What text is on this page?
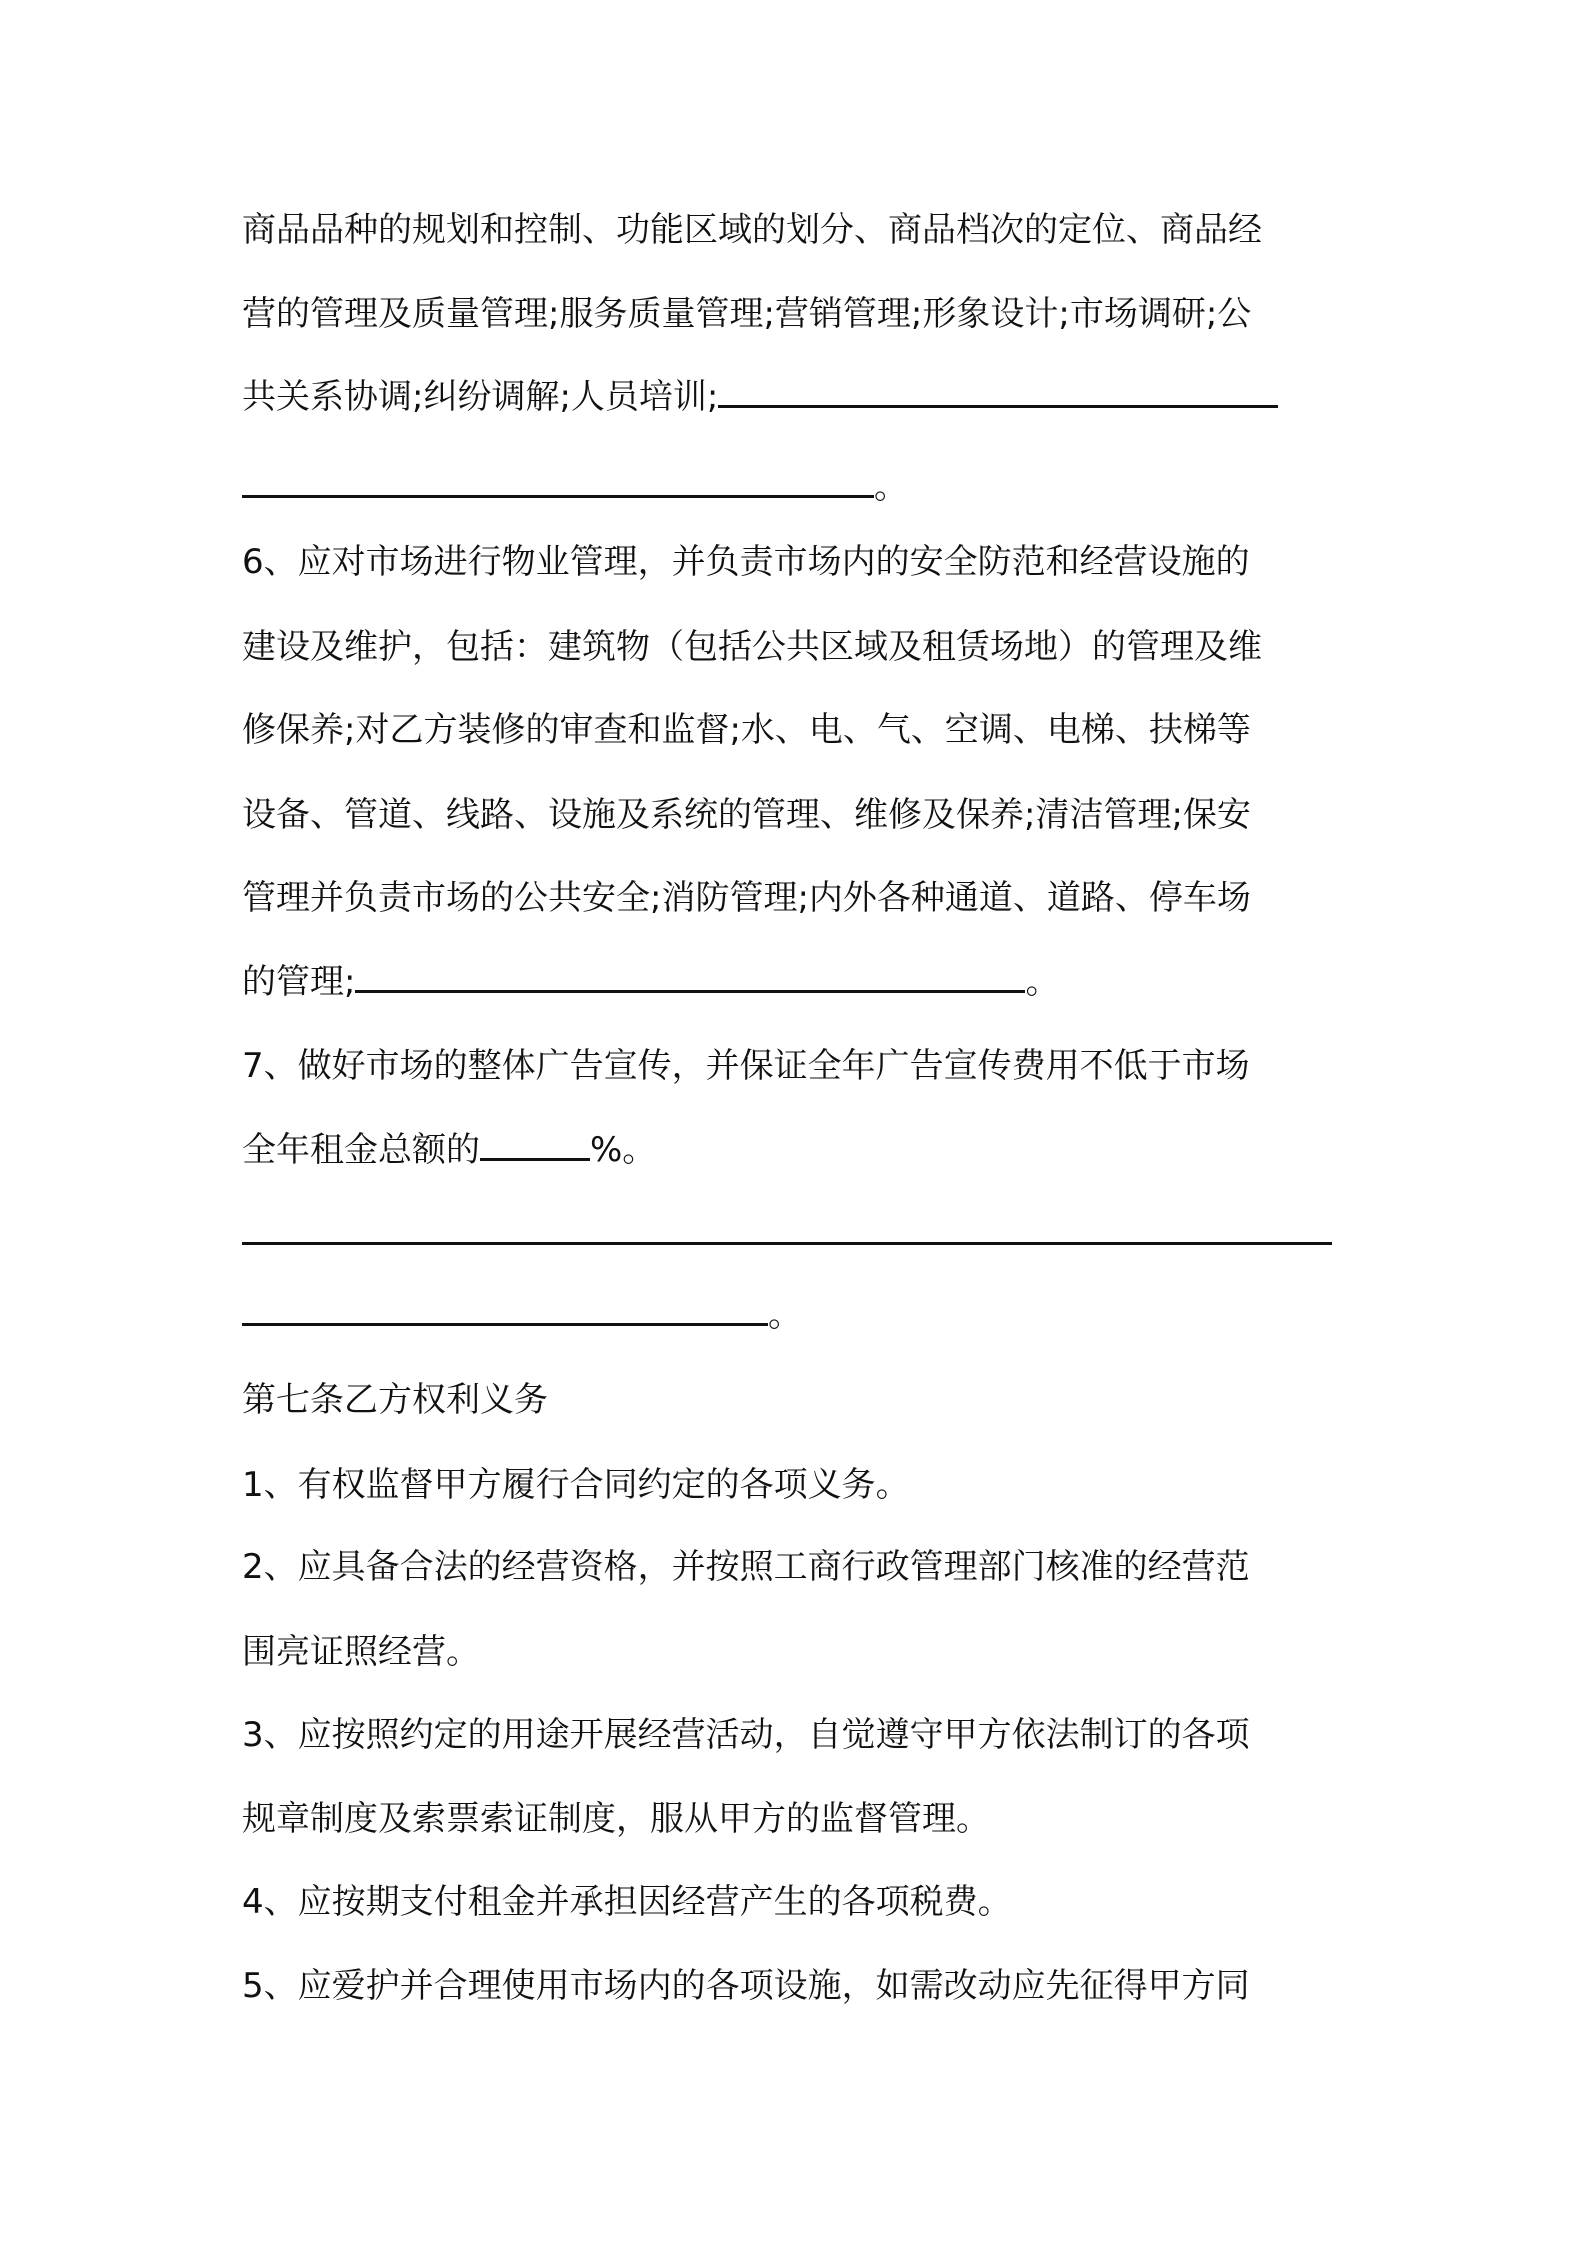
商品品种的规划和控制、功能区域的划分、商品档次的定位、商品经
营的管理及质量管理;服务质量管理;营销管理;形象设计;市场调研;公
共关系协调;纠纷调解;人员培训;
。
6、应对市场进行物业管理，并负责市场内的安全防范和经营设施的
建设及维护，包括：建筑物（包括公共区域及租赁场地）的管理及维
修保养;对乙方装修的审查和监督;水、电、气、空调、电梯、扶梯等
设备、管道、线路、设施及系统的管理、维修及保养;清洁管理;保安
管理并负责市场的公共安全;消防管理;内外各种通道、道路、停车场
的管理;	。
7、做好市场的整体广告宣传，并保证全年广告宣传费用不低于市场
全年租金总额的	%。
。
第七条乙方权利义务
1、有权监督甲方履行合同约定的各项义务。
2、应具备合法的经营资格，并按照工商行政管理部门核准的经营范
围亮证照经营。
3、应按照约定的用途开展经营活动，自觉遵守甲方依法制订的各项
规章制度及索票索证制度，服从甲方的监督管理。
4、应按期支付租金并承担因经营产生的各项税费。
5、应爱护并合理使用市场内的各项设施，如需改动应先征得甲方同
